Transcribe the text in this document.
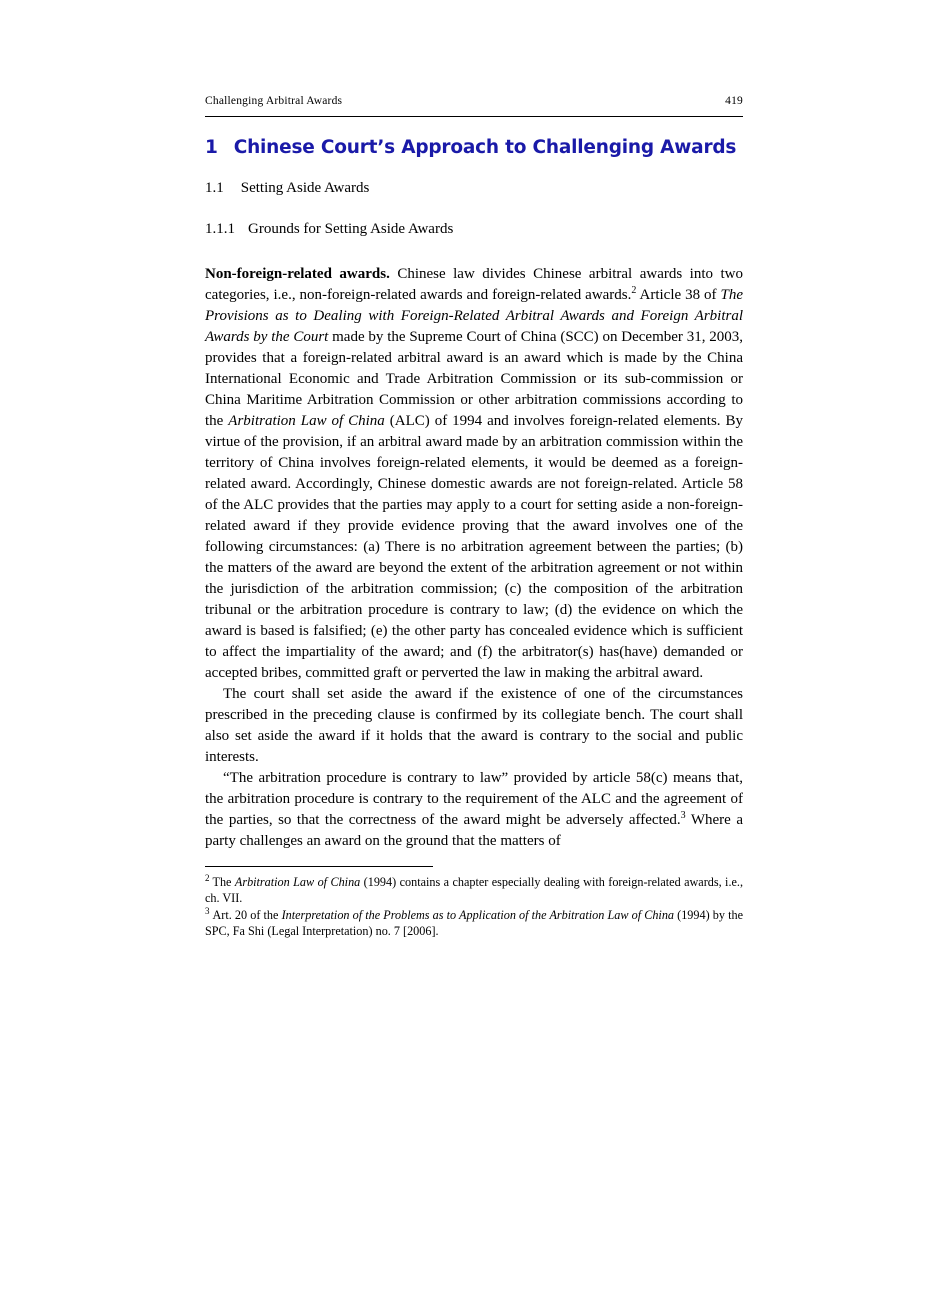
Challenging Arbitral Awards	419
1 Chinese Court’s Approach to Challenging Awards
1.1 Setting Aside Awards
1.1.1 Grounds for Setting Aside Awards

Non-foreign-related awards. Chinese law divides Chinese arbitral awards into two categories, i.e., non-foreign-related awards and foreign-related awards.$^2$ Article 38 of The Provisions as to Dealing with Foreign-Related Arbitral Awards and Foreign Arbitral Awards by the Court made by the Supreme Court of China (SCC) on December 31, 2003, provides that a foreign-related arbitral award is an award which is made by the China International Economic and Trade Arbitration Commission or its sub-commission or China Maritime Arbitration Commission or other arbitration commissions according to the Arbitration Law of China (ALC) of 1994 and involves foreign-related elements. By virtue of the provision, if an arbitral award made by an arbitration commission within the territory of China involves foreign-related elements, it would be deemed as a foreign-related award. Accordingly, Chinese domestic awards are not foreign-related. Article 58 of the ALC provides that the parties may apply to a court for setting aside a non-foreign-related award if they provide evidence proving that the award involves one of the following circumstances: (a) There is no arbitration agreement between the parties; (b) the matters of the award are beyond the extent of the arbitration agreement or not within the jurisdiction of the arbitration commission; (c) the composition of the arbitration tribunal or the arbitration procedure is contrary to law; (d) the evidence on which the award is based is falsified; (e) the other party has concealed evidence which is sufficient to affect the impartiality of the award; and (f) the arbitrator(s) has(have) demanded or accepted bribes, committed graft or perverted the law in making the arbitral award.

The court shall set aside the award if the existence of one of the circumstances prescribed in the preceding clause is confirmed by its collegiate bench. The court shall also set aside the award if it holds that the award is contrary to the social and public interests.

“The arbitration procedure is contrary to law” provided by article 58(c) means that, the arbitration procedure is contrary to the requirement of the ALC and the agreement of the parties, so that the correctness of the award might be adversely affected.$^3$ Where a party challenges an award on the ground that the matters of

$^2$ The Arbitration Law of China (1994) contains a chapter especially dealing with foreign-related awards, i.e., ch. VII.

$^3$ Art. 20 of the Interpretation of the Problems as to Application of the Arbitration Law of China (1994) by the SPC, Fa Shi (Legal Interpretation) no. 7 [2006].
